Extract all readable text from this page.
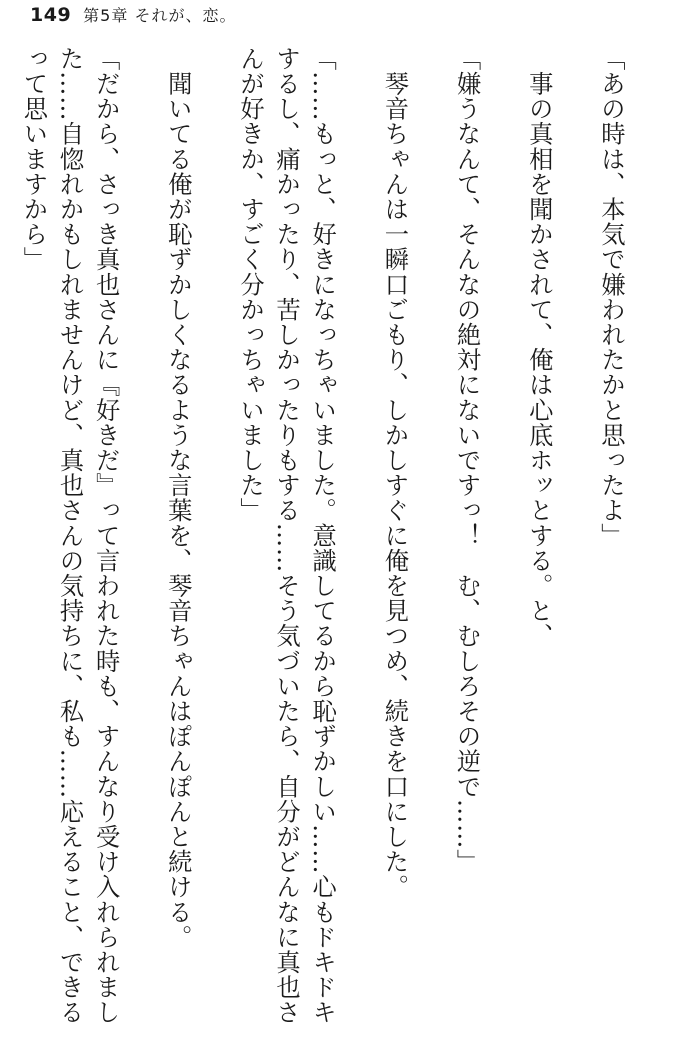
149 第5章 それが、恋。

「あの時は、本気で嫌われたかと思ったよ」

　事の真相を聞かされて、俺は心底ホッとする。と、

「嫌うなんて、そんなの絶対にないですっ！　む、むしろその逆で……」

　琴音ちゃんは一瞬口ごもり、しかしすぐに俺を見つめ、続きを口にした。

「……もっと、好きになっちゃいました。意識してるから恥ずかしい……心もドキドキするし、痛かったり、苦しかったりもする……そう気づいたら、自分がどんなに真也さんが好きか、すごく分かっちゃいました」

　聞いてる俺が恥ずかしくなるような言葉を、琴音ちゃんはぽんぽんと続ける。

「だから、さっき真也さんに『好きだ』って言われた時も、すんなり受け入れられました……自惚れかもしれませんけど、真也さんの気持ちに、私も……応えること、できるって思いますから」
